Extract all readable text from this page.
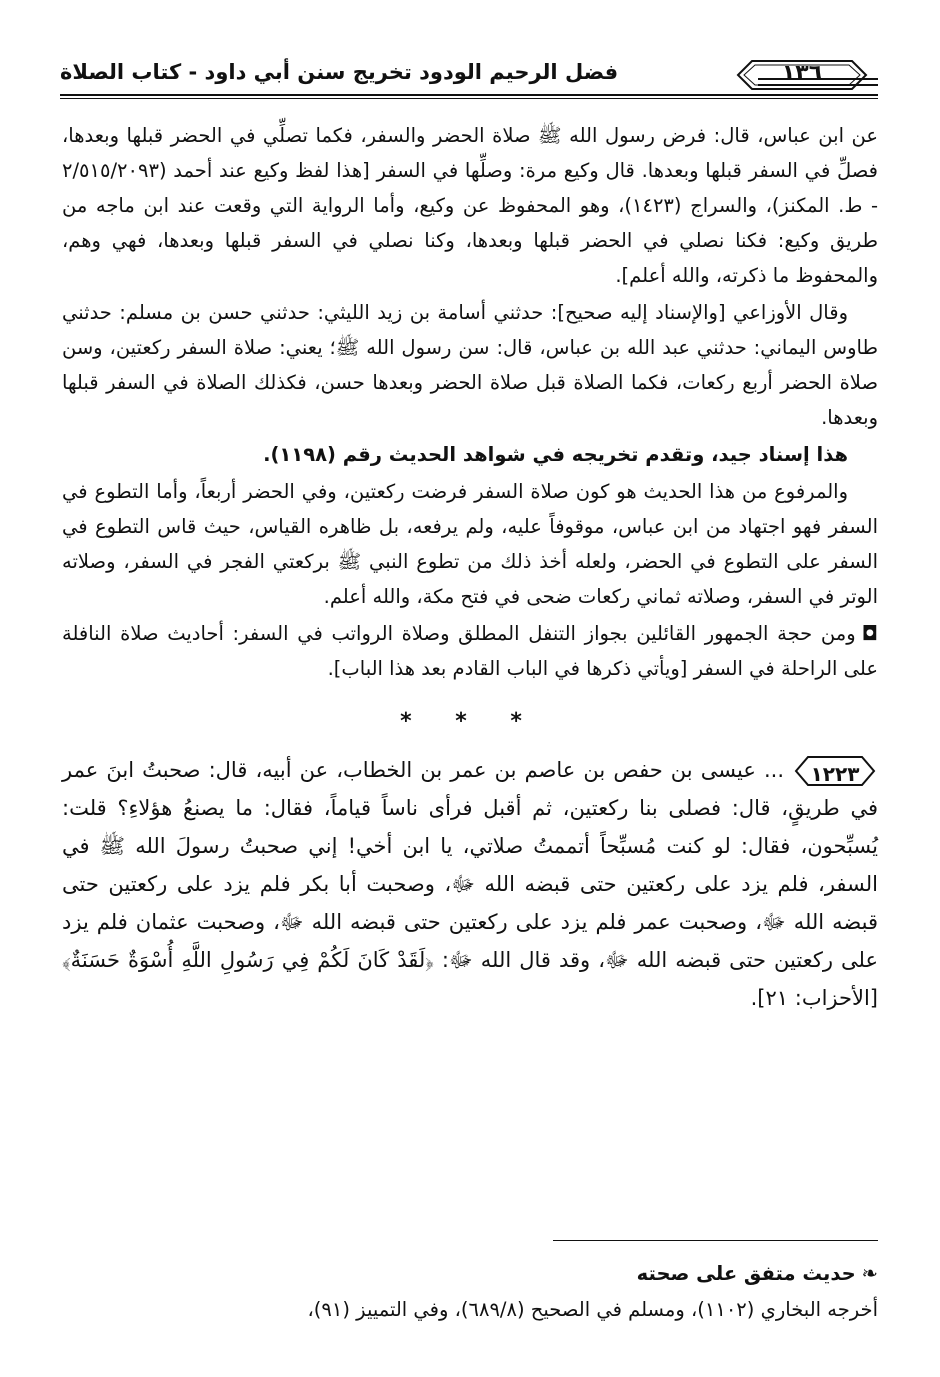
١٣٦
فضل الرحيم الودود تخريج سنن أبي داود - كتاب الصلاة

عن ابن عباس، قال: فرض رسول الله ﷺ صلاة الحضر والسفر، فكما تصلِّي في الحضر قبلها وبعدها، فصلِّ في السفر قبلها وبعدها. قال وكيع مرة: وصلِّها في السفر [هذا لفظ وكيع عند أحمد (٢/٥١٥/٢٠٩٣ - ط. المكنز)، والسراج (١٤٢٣)، وهو المحفوظ عن وكيع، وأما الرواية التي وقعت عند ابن ماجه من طريق وكيع: فكنا نصلي في الحضر قبلها وبعدها، وكنا نصلي في السفر قبلها وبعدها، فهي وهم، والمحفوظ ما ذكرته، والله أعلم].

وقال الأوزاعي [والإسناد إليه صحيح]: حدثني أسامة بن زيد الليثي: حدثني حسن بن مسلم: حدثني طاوس اليماني: حدثني عبد الله بن عباس، قال: سن رسول الله ﷺ؛ يعني: صلاة السفر ركعتين، وسن صلاة الحضر أربع ركعات، فكما الصلاة قبل صلاة الحضر وبعدها حسن، فكذلك الصلاة في السفر قبلها وبعدها.

هذا إسناد جيد، وتقدم تخريجه في شواهد الحديث رقم (١١٩٨).

والمرفوع من هذا الحديث هو كون صلاة السفر فرضت ركعتين، وفي الحضر أربعاً، وأما التطوع في السفر فهو اجتهاد من ابن عباس، موقوفاً عليه، ولم يرفعه، بل ظاهره القياس، حيث قاس التطوع في السفر على التطوع في الحضر، ولعله أخذ ذلك من تطوع النبي ﷺ بركعتي الفجر في السفر، وصلاته الوتر في السفر، وصلاته ثماني ركعات ضحى في فتح مكة، والله أعلم.

◘ومن حجة الجمهور القائلين بجواز التنفل المطلق وصلاة الرواتب في السفر: أحاديث صلاة النافلة على الراحلة في السفر [ويأتي ذكرها في الباب القادم بعد هذا الباب].

* * *

١٢٢٣
... عيسى بن حفص بن عاصم بن عمر بن الخطاب، عن أبيه، قال: صحبتُ ابنَ عمر في طريقٍ، قال: فصلى بنا ركعتين، ثم أقبل فرأى ناساً قياماً، فقال: ما يصنعُ هؤلاءِ؟ قلت: يُسبِّحون، فقال: لو كنت مُسبِّحاً أتممتُ صلاتي، يا ابن أخي! إني صحبتُ رسولَ الله ﷺ في السفر، فلم يزد على ركعتين حتى قبضه الله ﷻ، وصحبت أبا بكر فلم يزد على ركعتين حتى قبضه الله ﷻ، وصحبت عمر فلم يزد على ركعتين حتى قبضه الله ﷻ، وصحبت عثمان فلم يزد على ركعتين حتى قبضه الله ﷻ، وقد قال الله ﷻ: ﴿لَقَدْ كَانَ لَكُمْ فِي رَسُولِ اللَّهِ أُسْوَةٌ حَسَنَةٌ﴾ [الأحزاب: ٢١].

❧حديث متفق على صحته

أخرجه البخاري (١١٠٢)، ومسلم في الصحيح (٦٨٩/٨)، وفي التمييز (٩١)،
